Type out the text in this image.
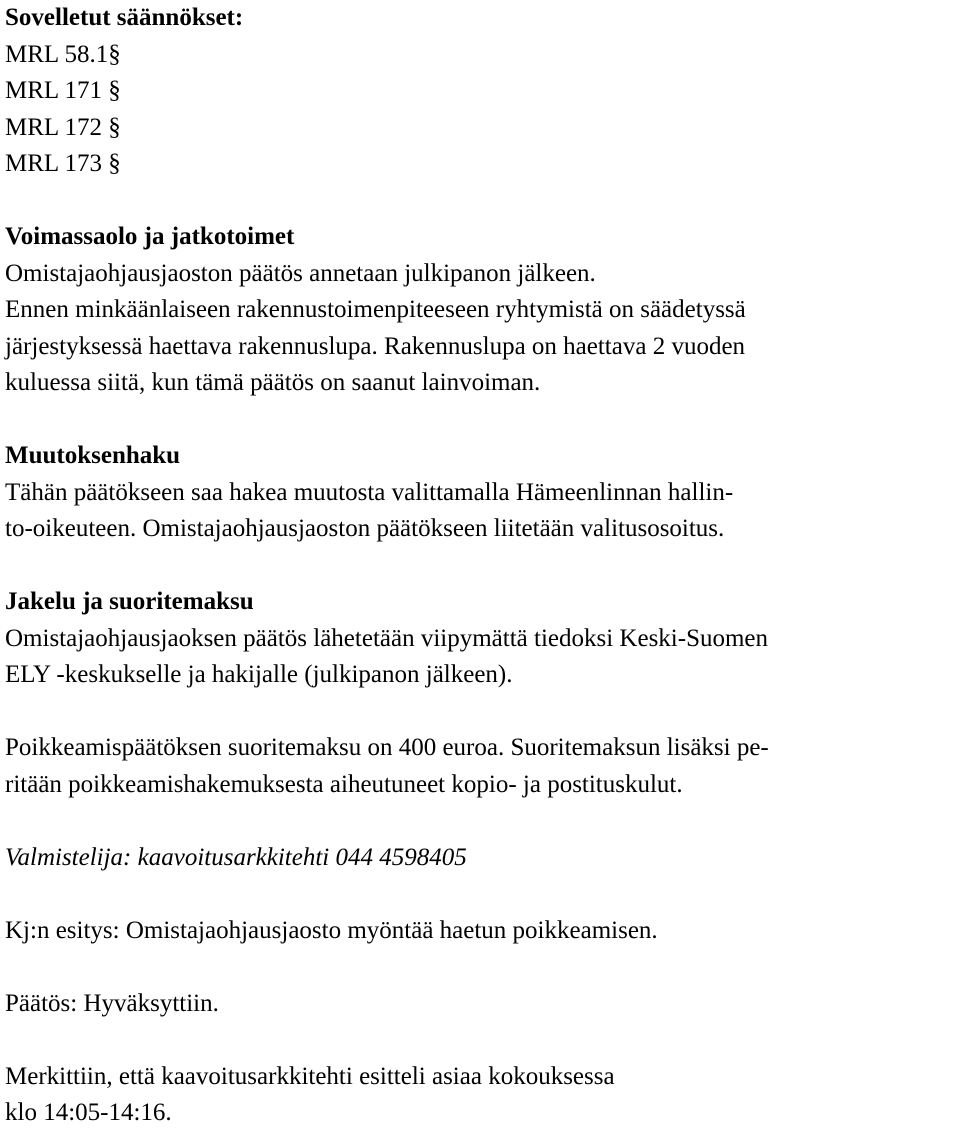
Sovelletut säännökset:
MRL 58.1§
MRL 171 §
MRL 172 §
MRL 173 §
Voimassaolo ja jatkotoimet
Omistajaohjausjaoston päätös annetaan julkipanon jälkeen.
Ennen minkäänlaiseen rakennustoimenpiteeseen ryhtymistä on säädetyssä
järjestyksessä haettava rakennuslupa. Rakennuslupa on haettava 2 vuoden
kuluessa siitä, kun tämä päätös on saanut lainvoiman.
Muutoksenhaku
Tähän päätökseen saa hakea muutosta valittamalla Hämeenlinnan hallin-
to-oikeuteen. Omistajaohjausjaoston päätökseen liitetään valitusosoitus.
Jakelu ja suoritemaksu
Omistajaohjausjaoksen päätös lähetetään viipymättä tiedoksi Keski-Suomen
ELY -keskukselle ja hakijalle (julkipanon jälkeen).
Poikkeamispäätöksen suoritemaksu on 400 euroa. Suoritemaksun lisäksi pe-
ritään poikkeamishakemuksesta aiheutuneet kopio- ja postituskulut.
Valmistelija: kaavoitusarkkitehti 044 4598405
Kj:n esitys: Omistajaohjausjaosto myöntää haetun poikkeamisen.
Päätös: Hyväksyttiin.
Merkittiin, että kaavoitusarkkitehti esitteli asiaa kokouksessa
klo 14:05-14:16.
